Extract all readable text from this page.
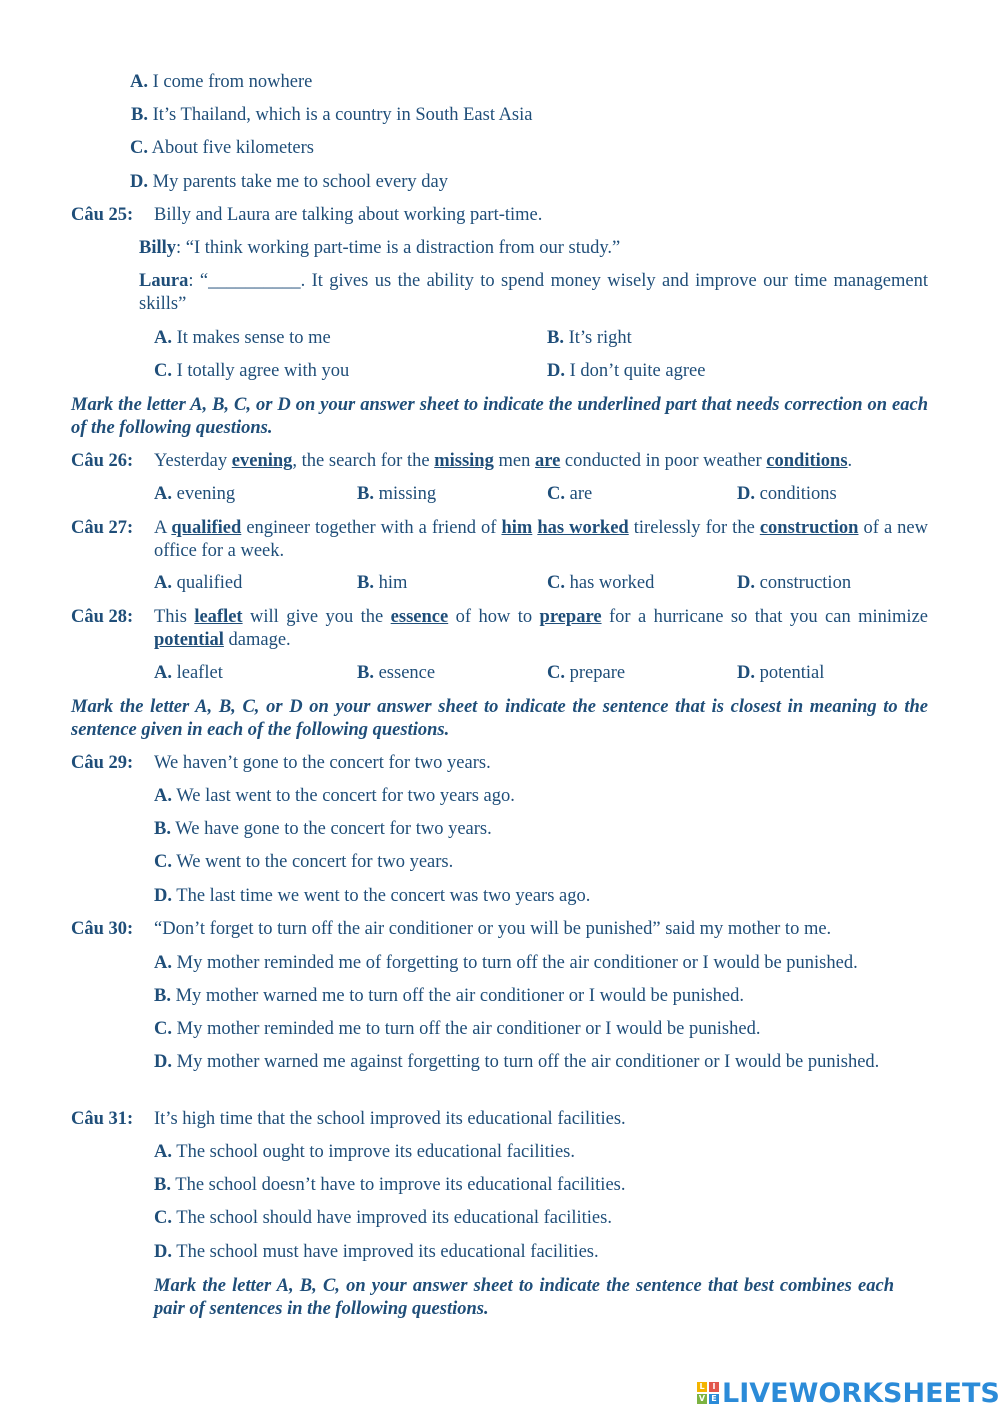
A. I come from nowhere
B. It’s Thailand, which is a country in South East Asia
C. About five kilometers
D. My parents take me to school every day
Câu 25: Billy and Laura are talking about working part-time.
Billy: “I think working part-time is a distraction from our study.”
Laura: “__________. It gives us the ability to spend money wisely and improve our time management skills”
A. It makes sense to me	B. It’s right
C. I totally agree with you	D. I don’t quite agree
Mark the letter A, B, C, or D on your answer sheet to indicate the underlined part that needs correction on each of the following questions.
Câu 26: Yesterday evening, the search for the missing men are conducted in poor weather conditions.
A. evening	B. missing	C. are	D. conditions
Câu 27: A qualified engineer together with a friend of him has worked tirelessly for the construction of a new office for a week.
A. qualified	B. him	C. has worked	D. construction
Câu 28: This leaflet will give you the essence of how to prepare for a hurricane so that you can minimize potential damage.
A. leaflet	B. essence	C. prepare	D. potential
Mark the letter A, B, C, or D on your answer sheet to indicate the sentence that is closest in meaning to the sentence given in each of the following questions.
Câu 29: We haven’t gone to the concert for two years.
A. We last went to the concert for two years ago.
B. We have gone to the concert for two years.
C. We went to the concert for two years.
D. The last time we went to the concert was two years ago.
Câu 30: “Don’t forget to turn off the air conditioner or you will be punished” said my mother to me.
A. My mother reminded me of forgetting to turn off the air conditioner or I would be punished.
B. My mother warned me to turn off the air conditioner or I would be punished.
C. My mother reminded me to turn off the air conditioner or I would be punished.
D. My mother warned me against forgetting to turn off the air conditioner or I would be punished.
Câu 31: It’s high time that the school improved its educational facilities.
A. The school ought to improve its educational facilities.
B. The school doesn’t have to improve its educational facilities.
C. The school should have improved its educational facilities.
D. The school must have improved its educational facilities.
Mark the letter A, B, C, on your answer sheet to indicate the sentence that best combines each pair of sentences in the following questions.
L I
V E LIVEWORKSHEETS
